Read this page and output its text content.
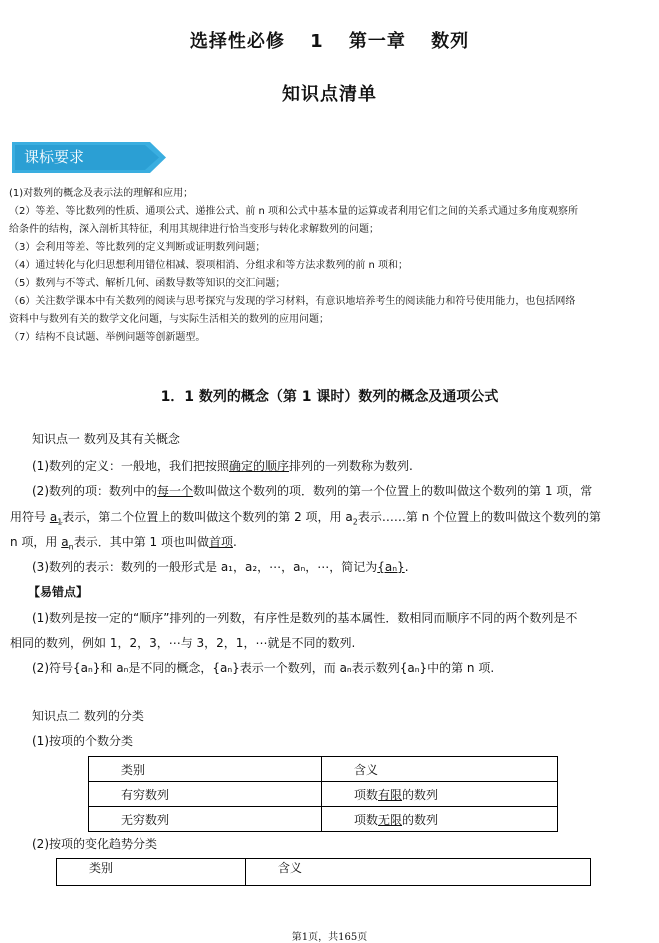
选择性必修 1 第一章 数列
知识点清单
课标要求

(1)对数列的概念及表示法的理解和应用；

（2）等差、等比数列的性质、通项公式、递推公式、前 n 项和公式中基本量的运算或者利用它们之间的关系式通过多角度观察所

给条件的结构，深入剖析其特征，利用其规律进行恰当变形与转化求解数列的问题；

（3）会利用等差、等比数列的定义判断或证明数列问题；

（4）通过转化与化归思想利用错位相减、裂项相消、分组求和等方法求数列的前 n 项和；

（5）数列与不等式、解析几何、函数导数等知识的交汇问题；

（6）关注数学课本中有关数列的阅读与思考探究与发现的学习材料，有意识地培养考生的阅读能力和符号使用能力，也包括网络

资料中与数列有关的数学文化问题，与实际生活相关的数列的应用问题；

（7）结构不良试题、举例问题等创新题型。

1．1 数列的概念（第 1 课时）数列的概念及通项公式
知识点一 数列及其有关概念
(1)数列的定义：一般地，我们把按照确定的顺序排列的一列数称为数列.
(2)数列的项：数列中的每一个数叫做这个数列的项．数列的第一个位置上的数叫做这个数列的第 1 项，常
用符号 $a_1$表示，第二个位置上的数叫做这个数列的第 2 项，用 $a_2$表示……第 n 个位置上的数叫做这个数列的第
n 项，用 $a_n$表示．其中第 1 项也叫做首项.
(3)数列的表示：数列的一般形式是 a₁，a₂，⋯，aₙ，⋯，简记为{aₙ}.
【易错点】
(1)数列是按一定的“顺序”排列的一列数，有序性是数列的基本属性．数相同而顺序不同的两个数列是不
相同的数列，例如 1，2，3，⋯与 3，2，1，⋯就是不同的数列.
(2)符号{aₙ}和 aₙ是不同的概念，{aₙ}表示一个数列，而 aₙ表示数列{aₙ}中的第 n 项.
知识点二 数列的分类
(1)按项的个数分类
类别	含义
有穷数列	项数有限的数列
无穷数列	项数无限的数列
(2)按项的变化趋势分类
类别	含义
第1页，共165页
